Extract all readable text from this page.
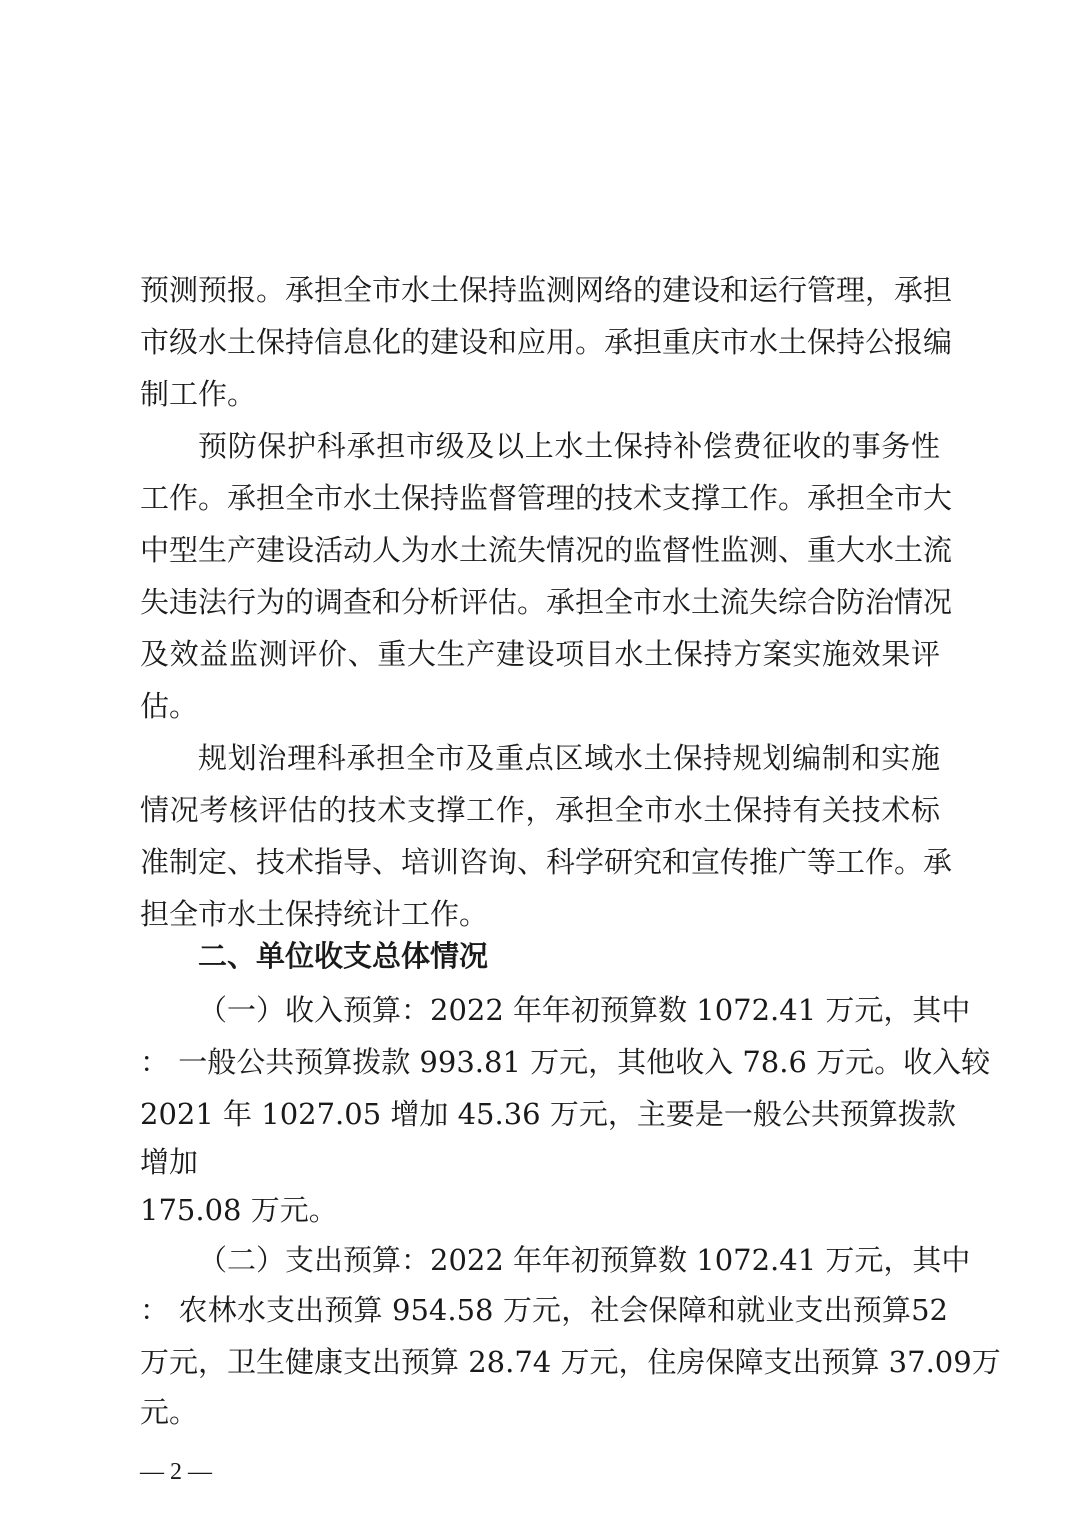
预测预报。承担全市水土保持监测网络的建设和运行管理，承担
市级水土保持信息化的建设和应用。承担重庆市水土保持公报编
制工作。
预防保护科承担市级及以上水土保持补偿费征收的事务性
工作。承担全市水土保持监督管理的技术支撑工作。承担全市大
中型生产建设活动人为水土流失情况的监督性监测、重大水土流
失违法行为的调查和分析评估。承担全市水土流失综合防治情况
及效益监测评价、重大生产建设项目水土保持方案实施效果评
估。
规划治理科承担全市及重点区域水土保持规划编制和实施
情况考核评估的技术支撑工作，承担全市水土保持有关技术标
准制定、技术指导、培训咨询、科学研究和宣传推广等工作。承
担全市水土保持统计工作。
二、单位收支总体情况
（一）收入预算：2022 年年初预算数 1072.41 万元，其中
： 一般公共预算拨款 993.81 万元，其他收入 78.6 万元。收入较
2021 年 1027.05 增加 45.36 万元，主要是一般公共预算拨款
增加
175.08 万元。
（二）支出预算：2022 年年初预算数 1072.41 万元，其中
： 农林水支出预算 954.58 万元，社会保障和就业支出预算52
万元，卫生健康支出预算 28.74 万元，住房保障支出预算 37.09万
元。
— 2 —
